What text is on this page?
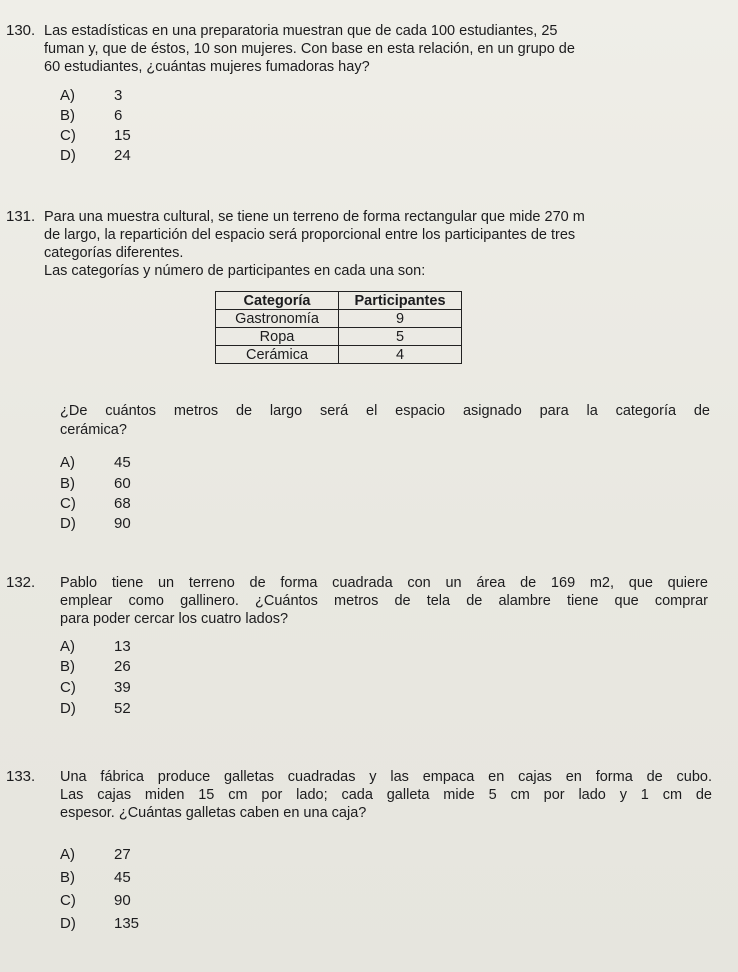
130. Las estadísticas en una preparatoria muestran que de cada 100 estudiantes, 25
fuman y, que de éstos, 10 son mujeres. Con base en esta relación, en un grupo de
60 estudiantes, ¿cuántas mujeres fumadoras hay?
A)	3
B)	6
C)	15
D)	24
131. Para una muestra cultural, se tiene un terreno de forma rectangular que mide 270 m
de largo, la repartición del espacio será proporcional entre los participantes de tres
categorías diferentes.
Las categorías y número de participantes en cada una son:
Categoría	Participantes
Gastronomía	9
Ropa	5
Cerámica	4
¿De cuántos metros de largo será el espacio asignado para la categoría de
cerámica?
A)	45
B)	60
C)	68
D)	90
132. Pablo tiene un terreno de forma cuadrada con un área de 169 m2, que quiere
emplear como gallinero. ¿Cuántos metros de tela de alambre tiene que comprar
para poder cercar los cuatro lados?
A)	13
B)	26
C)	39
D)	52
133. Una fábrica produce galletas cuadradas y las empaca en cajas en forma de cubo.
Las cajas miden 15 cm por lado; cada galleta mide 5 cm por lado y 1 cm de
espesor. ¿Cuántas galletas caben en una caja?
A)	27
B)	45
C)	90
D)	135
